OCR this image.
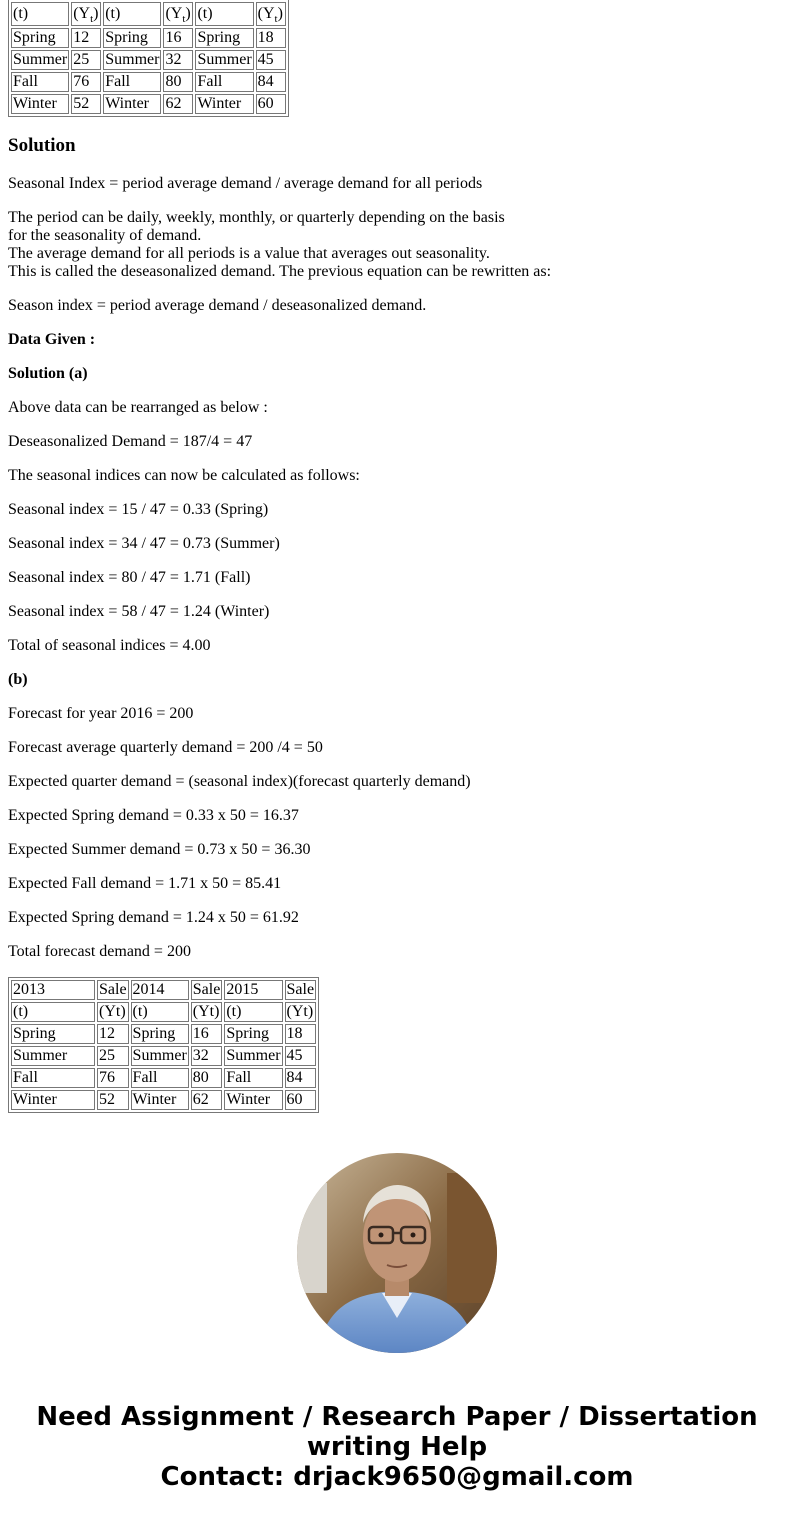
(t)	$(Y_t)$	(t)	$(Y_t)$	(t)	$(Y_t)$
Spring	12	Spring	16	Spring	18
Summer	25	Summer	32	Summer	45
Fall	76	Fall	80	Fall	84
Winter	52	Winter	62	Winter	60
Solution

Seasonal Index = period average demand / average demand for all periods

The period can be daily, weekly, monthly, or quarterly depending on the basis
for the seasonality of demand.
The average demand for all periods is a value that averages out seasonality.
This is called the deseasonalized demand. The previous equation can be rewritten as:

Season index = period average demand / deseasonalized demand.

Data Given :

Solution (a)

Above data can be rearranged as below :

Deseasonalized Demand = 187/4 = 47

The seasonal indices can now be calculated as follows:

Seasonal index = 15 / 47 = 0.33 (Spring)

Seasonal index = 34 / 47 = 0.73 (Summer)

Seasonal index = 80 / 47 = 1.71 (Fall)

Seasonal index = 58 / 47 = 1.24 (Winter)

Total of seasonal indices = 4.00

(b)

Forecast for year 2016 = 200

Forecast average quarterly demand = 200 /4 = 50

Expected quarter demand = (seasonal index)(forecast quarterly demand)

Expected Spring demand = 0.33 x 50 = 16.37

Expected Summer demand = 0.73 x 50 = 36.30

Expected Fall demand = 1.71 x 50 = 85.41

Expected Spring demand = 1.24 x 50 = 61.92

Total forecast demand = 200

2013	Sale	2014	Sale	2015	Sale
(t)	(Yt)	(t)	(Yt)	(t)	(Yt)
Spring	12	Spring	16	Spring	18
Summer	25	Summer	32	Summer	45
Fall	76	Fall	80	Fall	84
Winter	52	Winter	62	Winter	60
Need Assignment / Research Paper / Dissertation
writing Help
Contact: drjack9650@gmail.com
